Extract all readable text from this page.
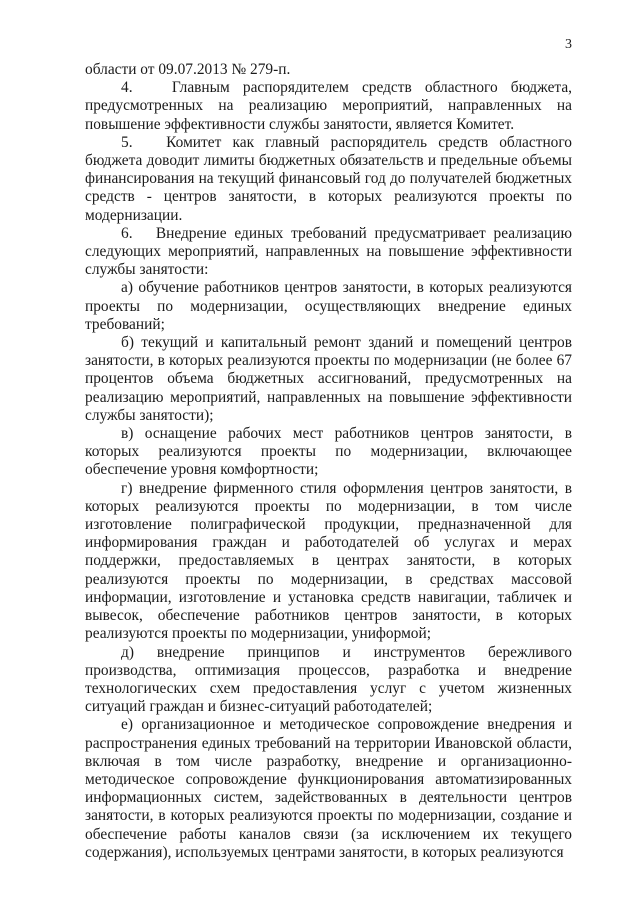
3

области от 09.07.2013 № 279-п.

4.   Главным распорядителем средств областного бюджета, предусмотренных на реализацию мероприятий, направленных на повышение эффективности службы занятости, является Комитет.

5.   Комитет как главный распорядитель средств областного бюджета доводит лимиты бюджетных обязательств и предельные объемы финансирования на текущий финансовый год до получателей бюджетных средств - центров занятости, в которых реализуются проекты по модернизации.

6.   Внедрение единых требований предусматривает реализацию следующих мероприятий, направленных на повышение эффективности службы занятости:

а) обучение работников центров занятости, в которых реализуются проекты по модернизации, осуществляющих внедрение единых требований;

б) текущий и капитальный ремонт зданий и помещений центров занятости, в которых реализуются проекты по модернизации (не более 67 процентов объема бюджетных ассигнований, предусмотренных на реализацию мероприятий, направленных на повышение эффективности службы занятости);

в) оснащение рабочих мест работников центров занятости, в которых реализуются проекты по модернизации, включающее обеспечение уровня комфортности;

г) внедрение фирменного стиля оформления центров занятости, в которых реализуются проекты по модернизации, в том числе изготовление полиграфической продукции, предназначенной для информирования граждан и работодателей об услугах и мерах поддержки, предоставляемых в центрах занятости, в которых реализуются проекты по модернизации, в средствах массовой информации, изготовление и установка средств навигации, табличек и вывесок, обеспечение работников центров занятости, в которых реализуются проекты по модернизации, униформой;

д) внедрение принципов и инструментов бережливого производства, оптимизация процессов, разработка и внедрение технологических схем предоставления услуг с учетом жизненных ситуаций граждан и бизнес-ситуаций работодателей;

е) организационное и методическое сопровождение внедрения и распространения единых требований на территории Ивановской области, включая в том числе разработку, внедрение и организационно-методическое сопровождение функционирования автоматизированных информационных систем, задействованных в деятельности центров занятости, в которых реализуются проекты по модернизации, создание и обеспечение работы каналов связи (за исключением их текущего содержания), используемых центрами занятости, в которых реализуются
